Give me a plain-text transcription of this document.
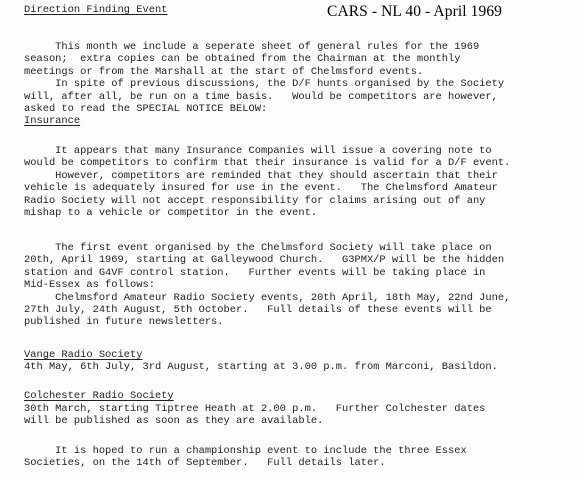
CARS - NL 40 - April 1969
Direction Finding Event

This month we include a seperate sheet of general rules for the 1969

season;  extra copies can be obtained from the Chairman at the monthly

meetings or from the Marshall at the start of Chelmsford events.

In spite of previous discussions, the D/F hunts organised by the Society

will, after all, be run on a time basis.   Would be competitors are however,

asked to read the SPECIAL NOTICE BELOW:

Insurance

It appears that many Insurance Companies will issue a covering note to

would be competitors to confirm that their insurance is valid for a D/F event.

However, competitors are reminded that they should ascertain that their

vehicle is adequately insured for use in the event.   The Chelmsford Amateur

Radio Society will not accept responsibility for claims arising out of any

mishap to a vehicle or competitor in the event.

The first event organised by the Chelmsford Society will take place on

20th, April 1969, starting at Galleywood Church.   G3PMX/P will be the hidden

station and G4VF control station.   Further events will be taking place in

Mid-Essex as follows:

Chelmsford Amateur Radio Society events, 20th April, 18th May, 22nd June,

27th July, 24th August, 5th October.   Full details of these events will be

published in future newsletters.

Vange Radio Society
4th May, 6th July, 3rd August, starting at 3.00 p.m. from Marconi, Basildon.
Colchester Radio Society

30th March, starting Tiptree Heath at 2.00 p.m.   Further Colchester dates

will be published as soon as they are available.

It is hoped to run a championship event to include the three Essex

Societies, on the 14th of September.   Full details later.
